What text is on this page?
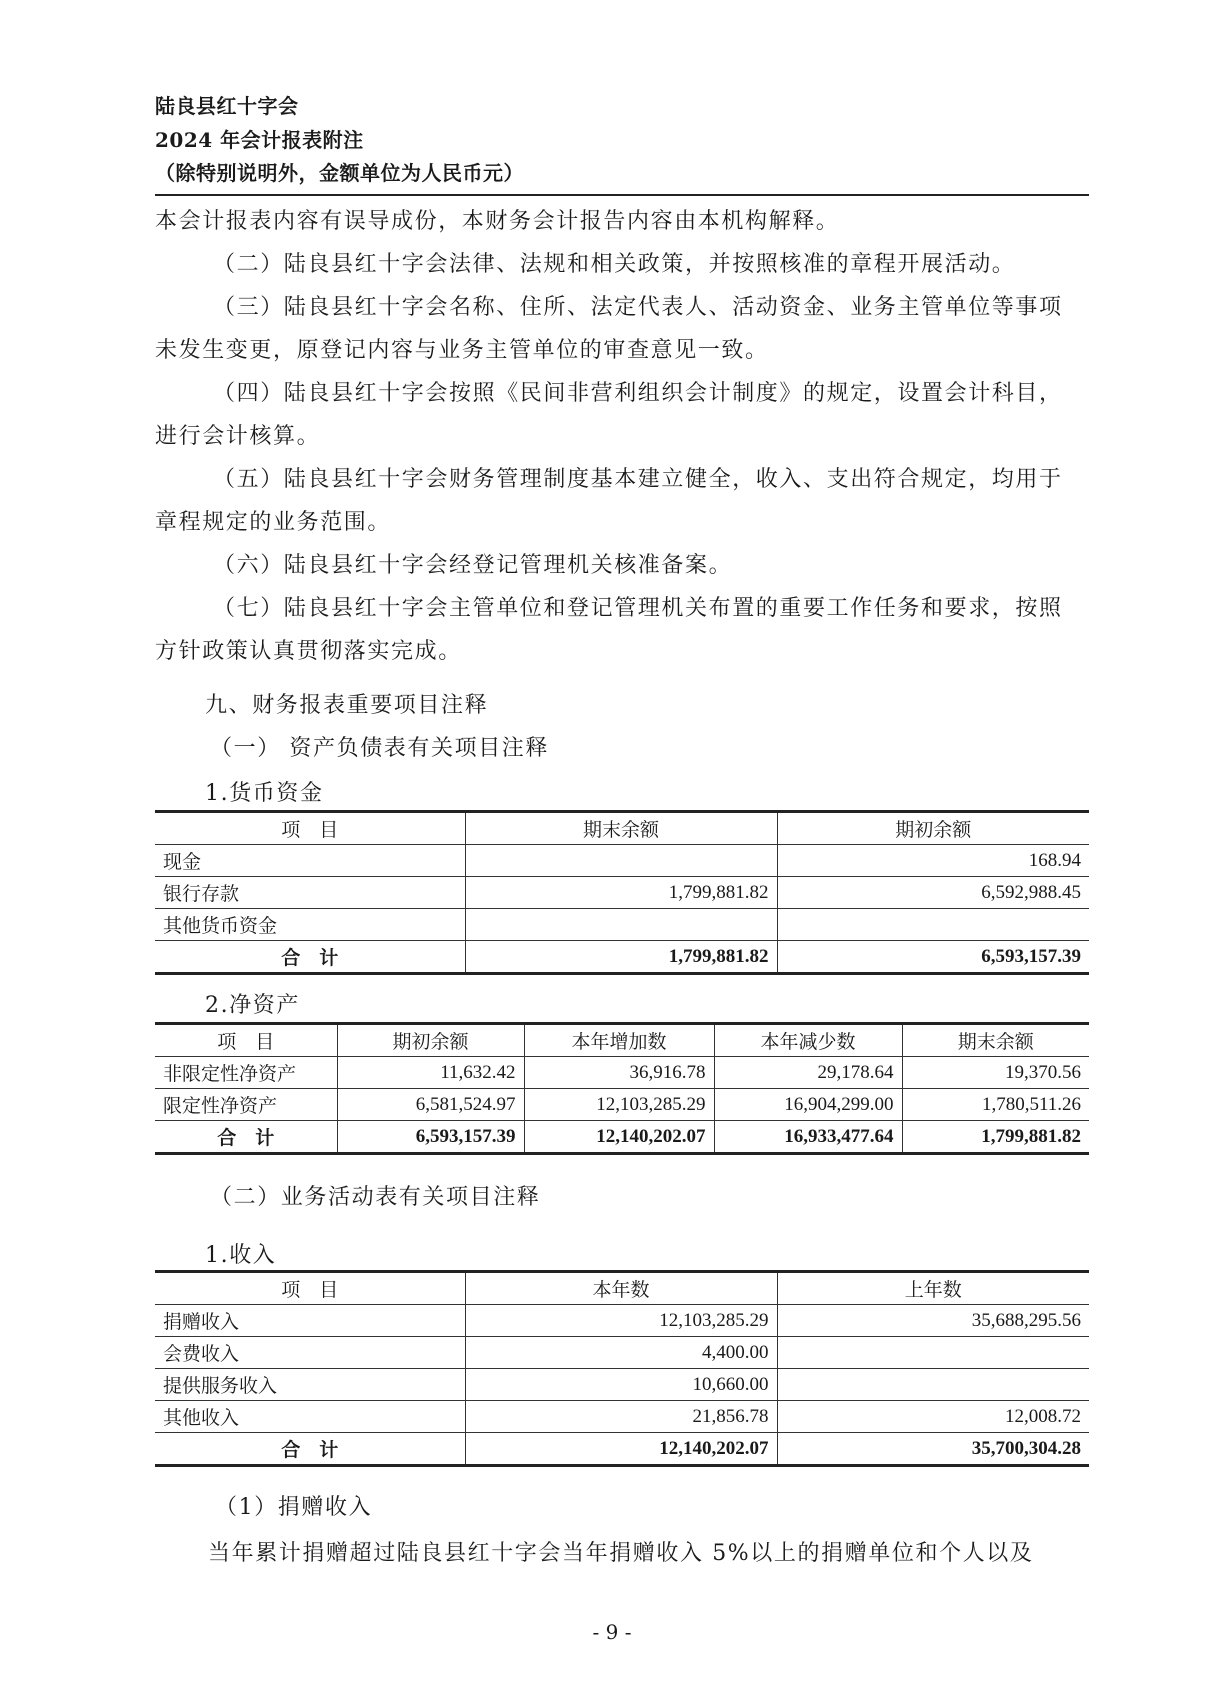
陆良县红十字会
2024 年会计报表附注
（除特别说明外，金额单位为人民币元）
本会计报表内容有误导成份，本财务会计报告内容由本机构解释。
（二）陆良县红十字会法律、法规和相关政策，并按照核准的章程开展活动。
（三）陆良县红十字会名称、住所、法定代表人、活动资金、业务主管单位等事项未发生变更，原登记内容与业务主管单位的审查意见一致。
（四）陆良县红十字会按照《民间非营利组织会计制度》的规定，设置会计科目，进行会计核算。
（五）陆良县红十字会财务管理制度基本建立健全，收入、支出符合规定，均用于章程规定的业务范围。
（六）陆良县红十字会经登记管理机关核准备案。
（七）陆良县红十字会主管单位和登记管理机关布置的重要工作任务和要求，按照方针政策认真贯彻落实完成。
九、财务报表重要项目注释
（一） 资产负债表有关项目注释
1.货币资金
项　目	期末余额	期初余额
现金		168.94
银行存款	1,799,881.82	6,592,988.45
其他货币资金		
合　计	1,799,881.82	6,593,157.39
2.净资产
项　目	期初余额	本年增加数	本年减少数	期末余额
非限定性净资产	11,632.42	36,916.78	29,178.64	19,370.56
限定性净资产	6,581,524.97	12,103,285.29	16,904,299.00	1,780,511.26
合　计	6,593,157.39	12,140,202.07	16,933,477.64	1,799,881.82
（二）业务活动表有关项目注释
1.收入
项　目	本年数	上年数
捐赠收入	12,103,285.29	35,688,295.56
会费收入	4,400.00	
提供服务收入	10,660.00	
其他收入	21,856.78	12,008.72
合　计	12,140,202.07	35,700,304.28
（1）捐赠收入
当年累计捐赠超过陆良县红十字会当年捐赠收入 5%以上的捐赠单位和个人以及
- 9 -
